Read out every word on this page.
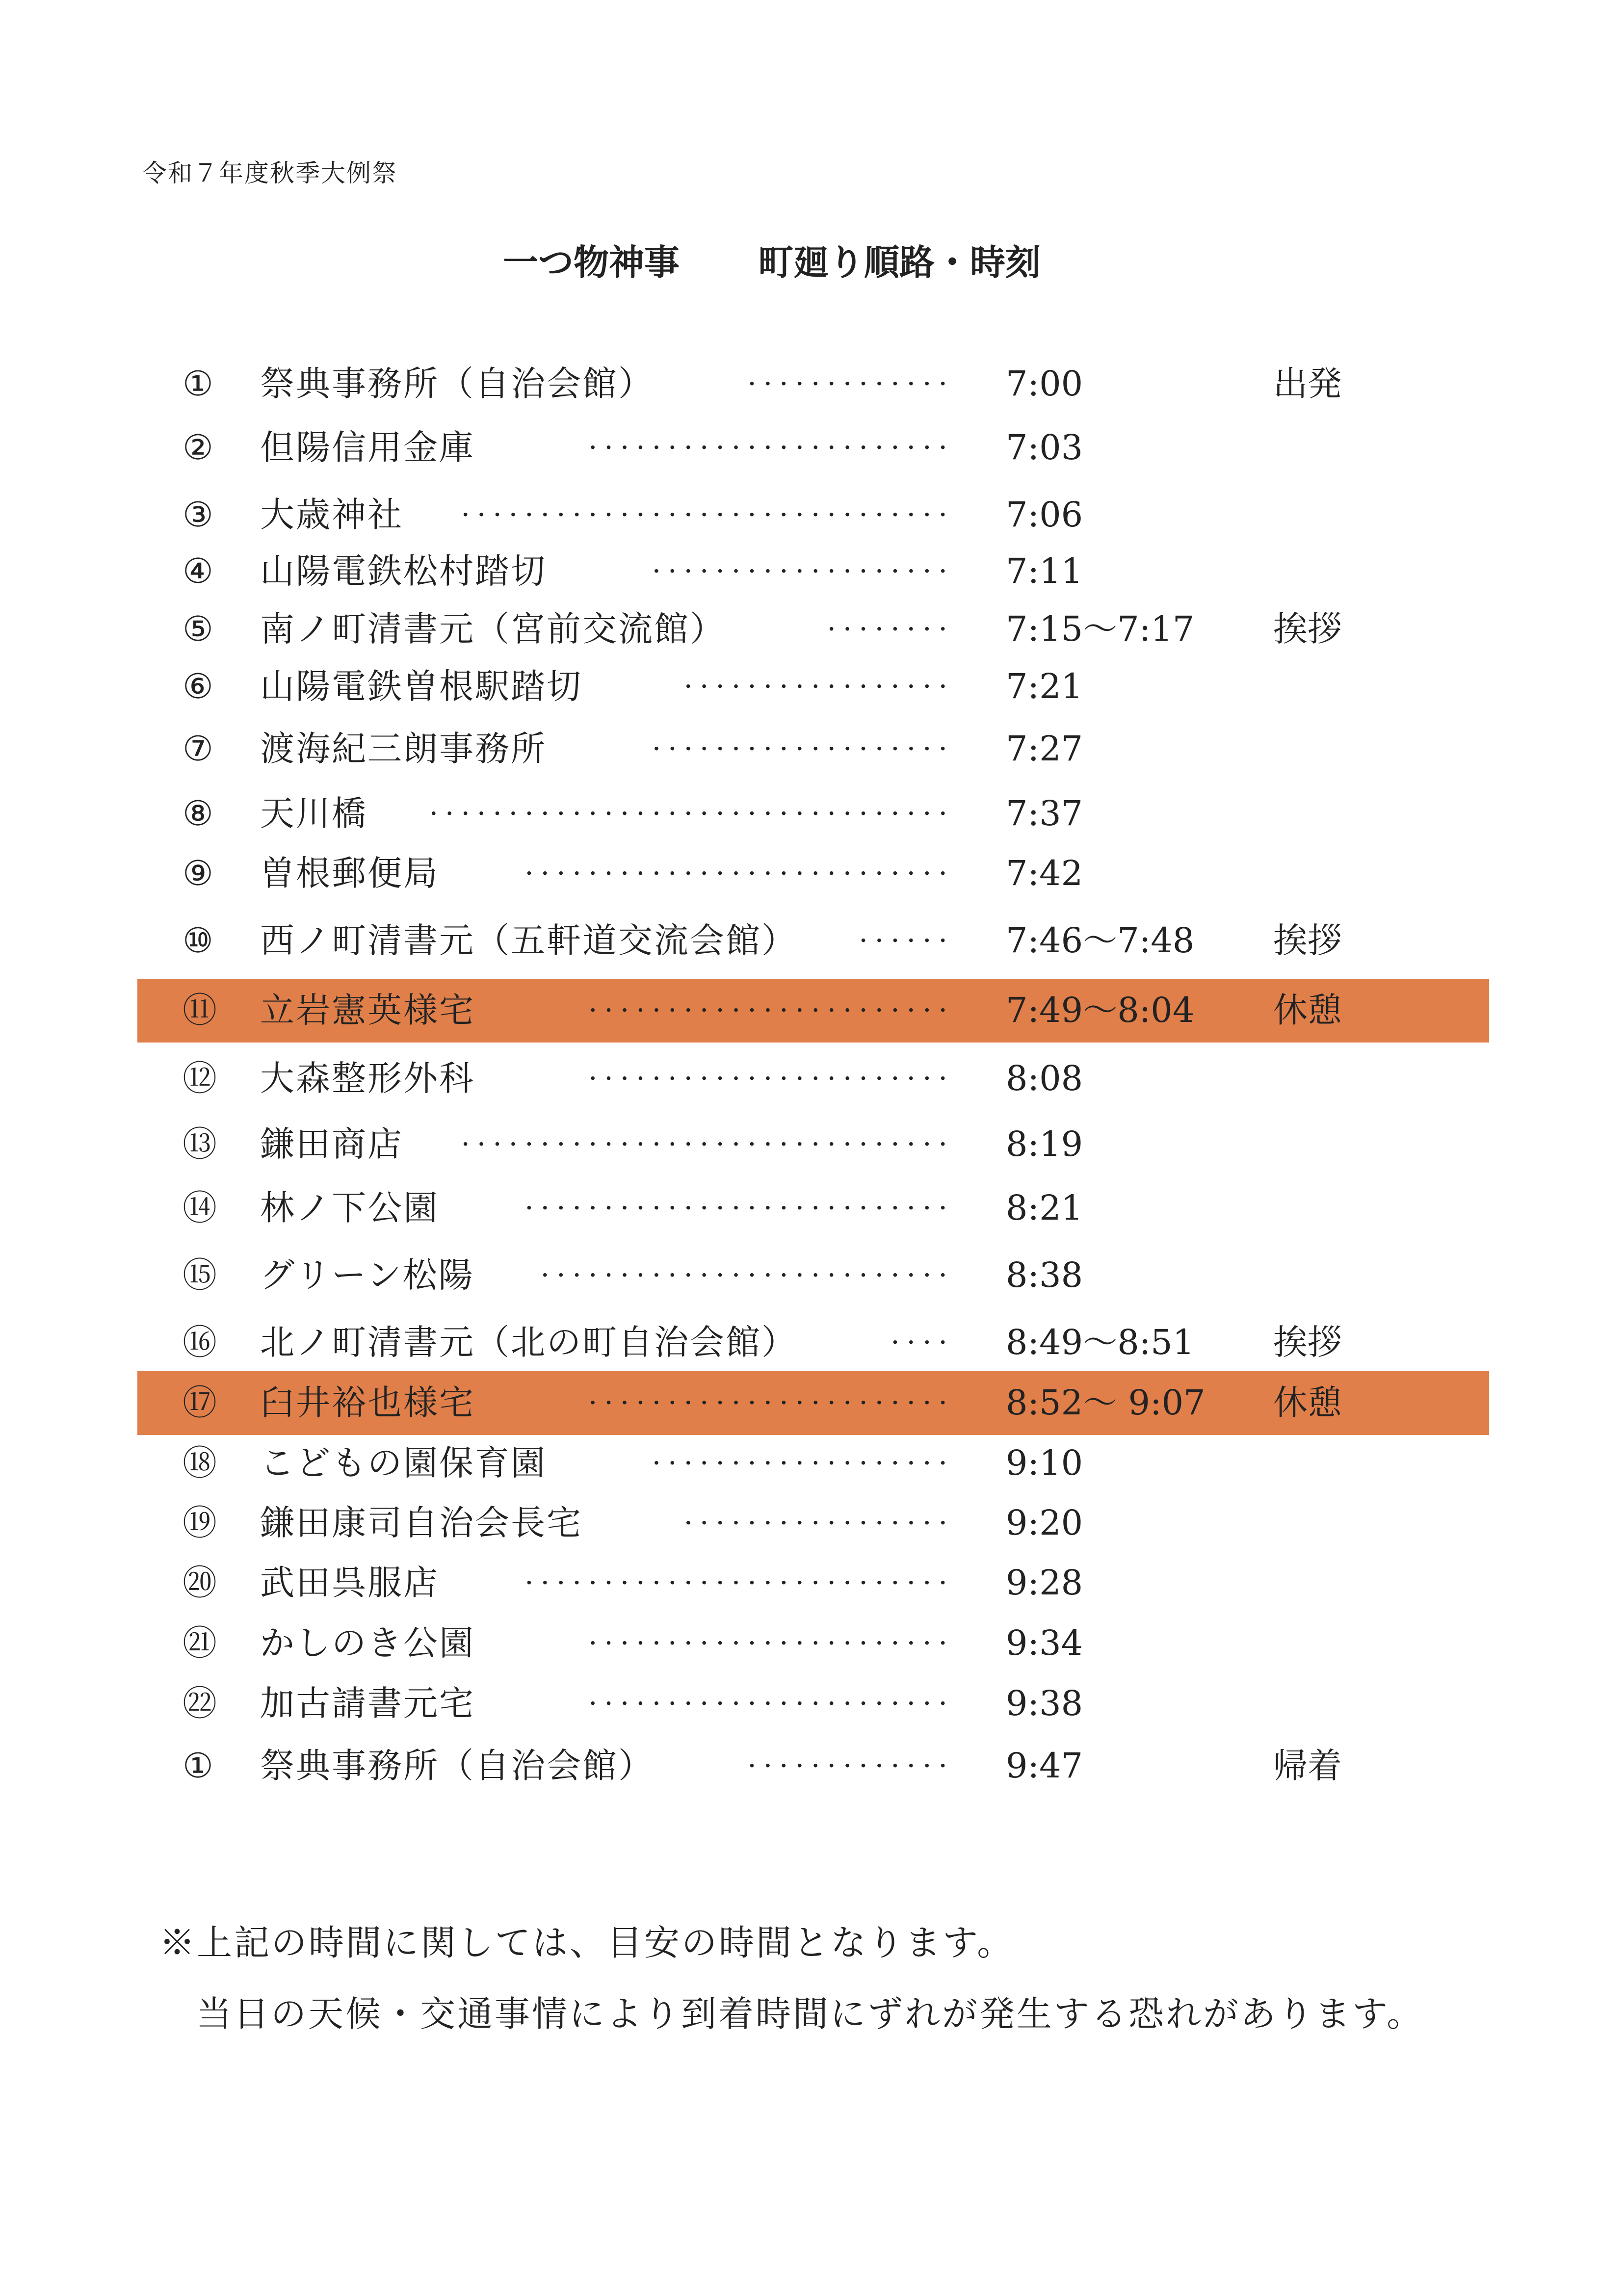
令和７年度秋季大例祭
一つ物神事 町廻り順路・時刻
① 祭典事務所（自治会館）	············· 7:00	出発
② 但陽信用金庫	······················· 7:03
③ 大歳神社 ······························· 7:06
④ 山陽電鉄松村踏切	··················· 7:11
⑤ 南ノ町清書元（宮前交流館）	········ 7:15～7:17 挨拶
⑥ 山陽電鉄曽根駅踏切	················· 7:21
⑦ 渡海紀三朗事務所	··················· 7:27
⑧ 天川橋 ································· 7:37
⑨ 曽根郵便局	··························· 7:42
⑩ 西ノ町清書元（五軒道交流会館） ······ 7:46～7:48 挨拶
⑪ 立岩憲英様宅	······················· 7:49～8:04 休憩
⑫ 大森整形外科	······················· 8:08
⑬ 鎌田商店 ······························· 8:19
⑭ 林ノ下公園	··························· 8:21
⑮ グリーン松陽 ·························· 8:38
⑯ 北ノ町清書元（北の町自治会館）	···· 8:49～8:51 挨拶
⑰ 臼井裕也様宅	······················· 8:52～ 9:07 休憩
⑱ こどもの園保育園	··················· 9:10
⑲ 鎌田康司自治会長宅	················· 9:20
⑳ 武田呉服店	··························· 9:28
㉑ かしのき公園	······················· 9:34
㉒ 加古請書元宅	······················· 9:38
① 祭典事務所（自治会館）	············· 9:47	帰着
※上記の時間に関しては、目安の時間となります。
当日の天候・交通事情により到着時間にずれが発生する恐れがあります。
